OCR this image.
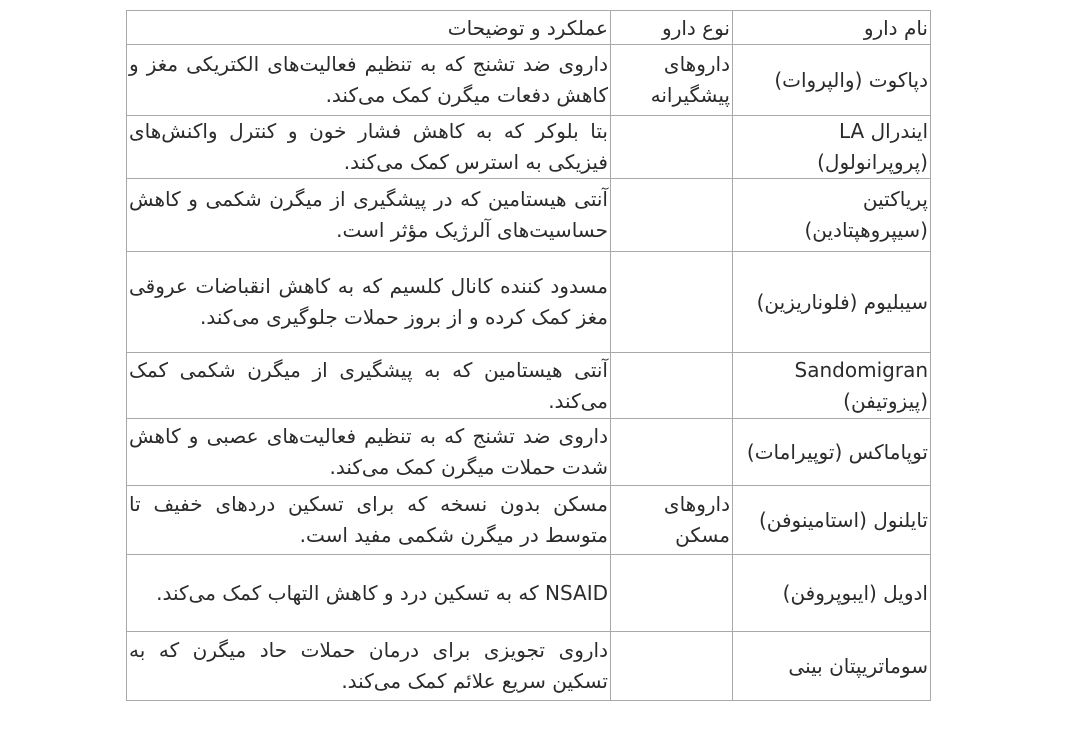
نام دارو	نوع دارو	عملکرد و توضیحات
دپاکوت (والپروات)	داروهای پیشگیرانه	داروی ضد تشنج که به تنظیم فعالیت‌های الکتریکی مغز و کاهش دفعات میگرن کمک می‌کند.
ایندرال LA (پروپرانولول)		بتا بلوکر که به کاهش فشار خون و کنترل واکنش‌های فیزیکی به استرس کمک می‌کند.
پریاکتین (سیپروهپتادین)		آنتی هیستامین که در پیشگیری از میگرن شکمی و کاهش حساسیت‌های آلرژیک مؤثر است.
سیبلیوم (فلوناریزین)		مسدود کننده کانال کلسیم که به کاهش انقباضات عروقی مغز کمک کرده و از بروز حملات جلوگیری می‌کند.
Sandomigran (پیزوتیفن)		آنتی هیستامین که به پیشگیری از میگرن شکمی کمک می‌کند.
توپاماکس (توپیرامات)		داروی ضد تشنج که به تنظیم فعالیت‌های عصبی و کاهش شدت حملات میگرن کمک می‌کند.
تایلنول (استامینوفن)	داروهای مسکن	مسکن بدون نسخه که برای تسکین دردهای خفیف تا متوسط در میگرن شکمی مفید است.
ادویل (ایبوپروفن)		NSAID که به تسکین درد و کاهش التهاب کمک می‌کند.
سوماتریپتان بینی		داروی تجویزی برای درمان حملات حاد میگرن که به تسکین سریع علائم کمک می‌کند.
